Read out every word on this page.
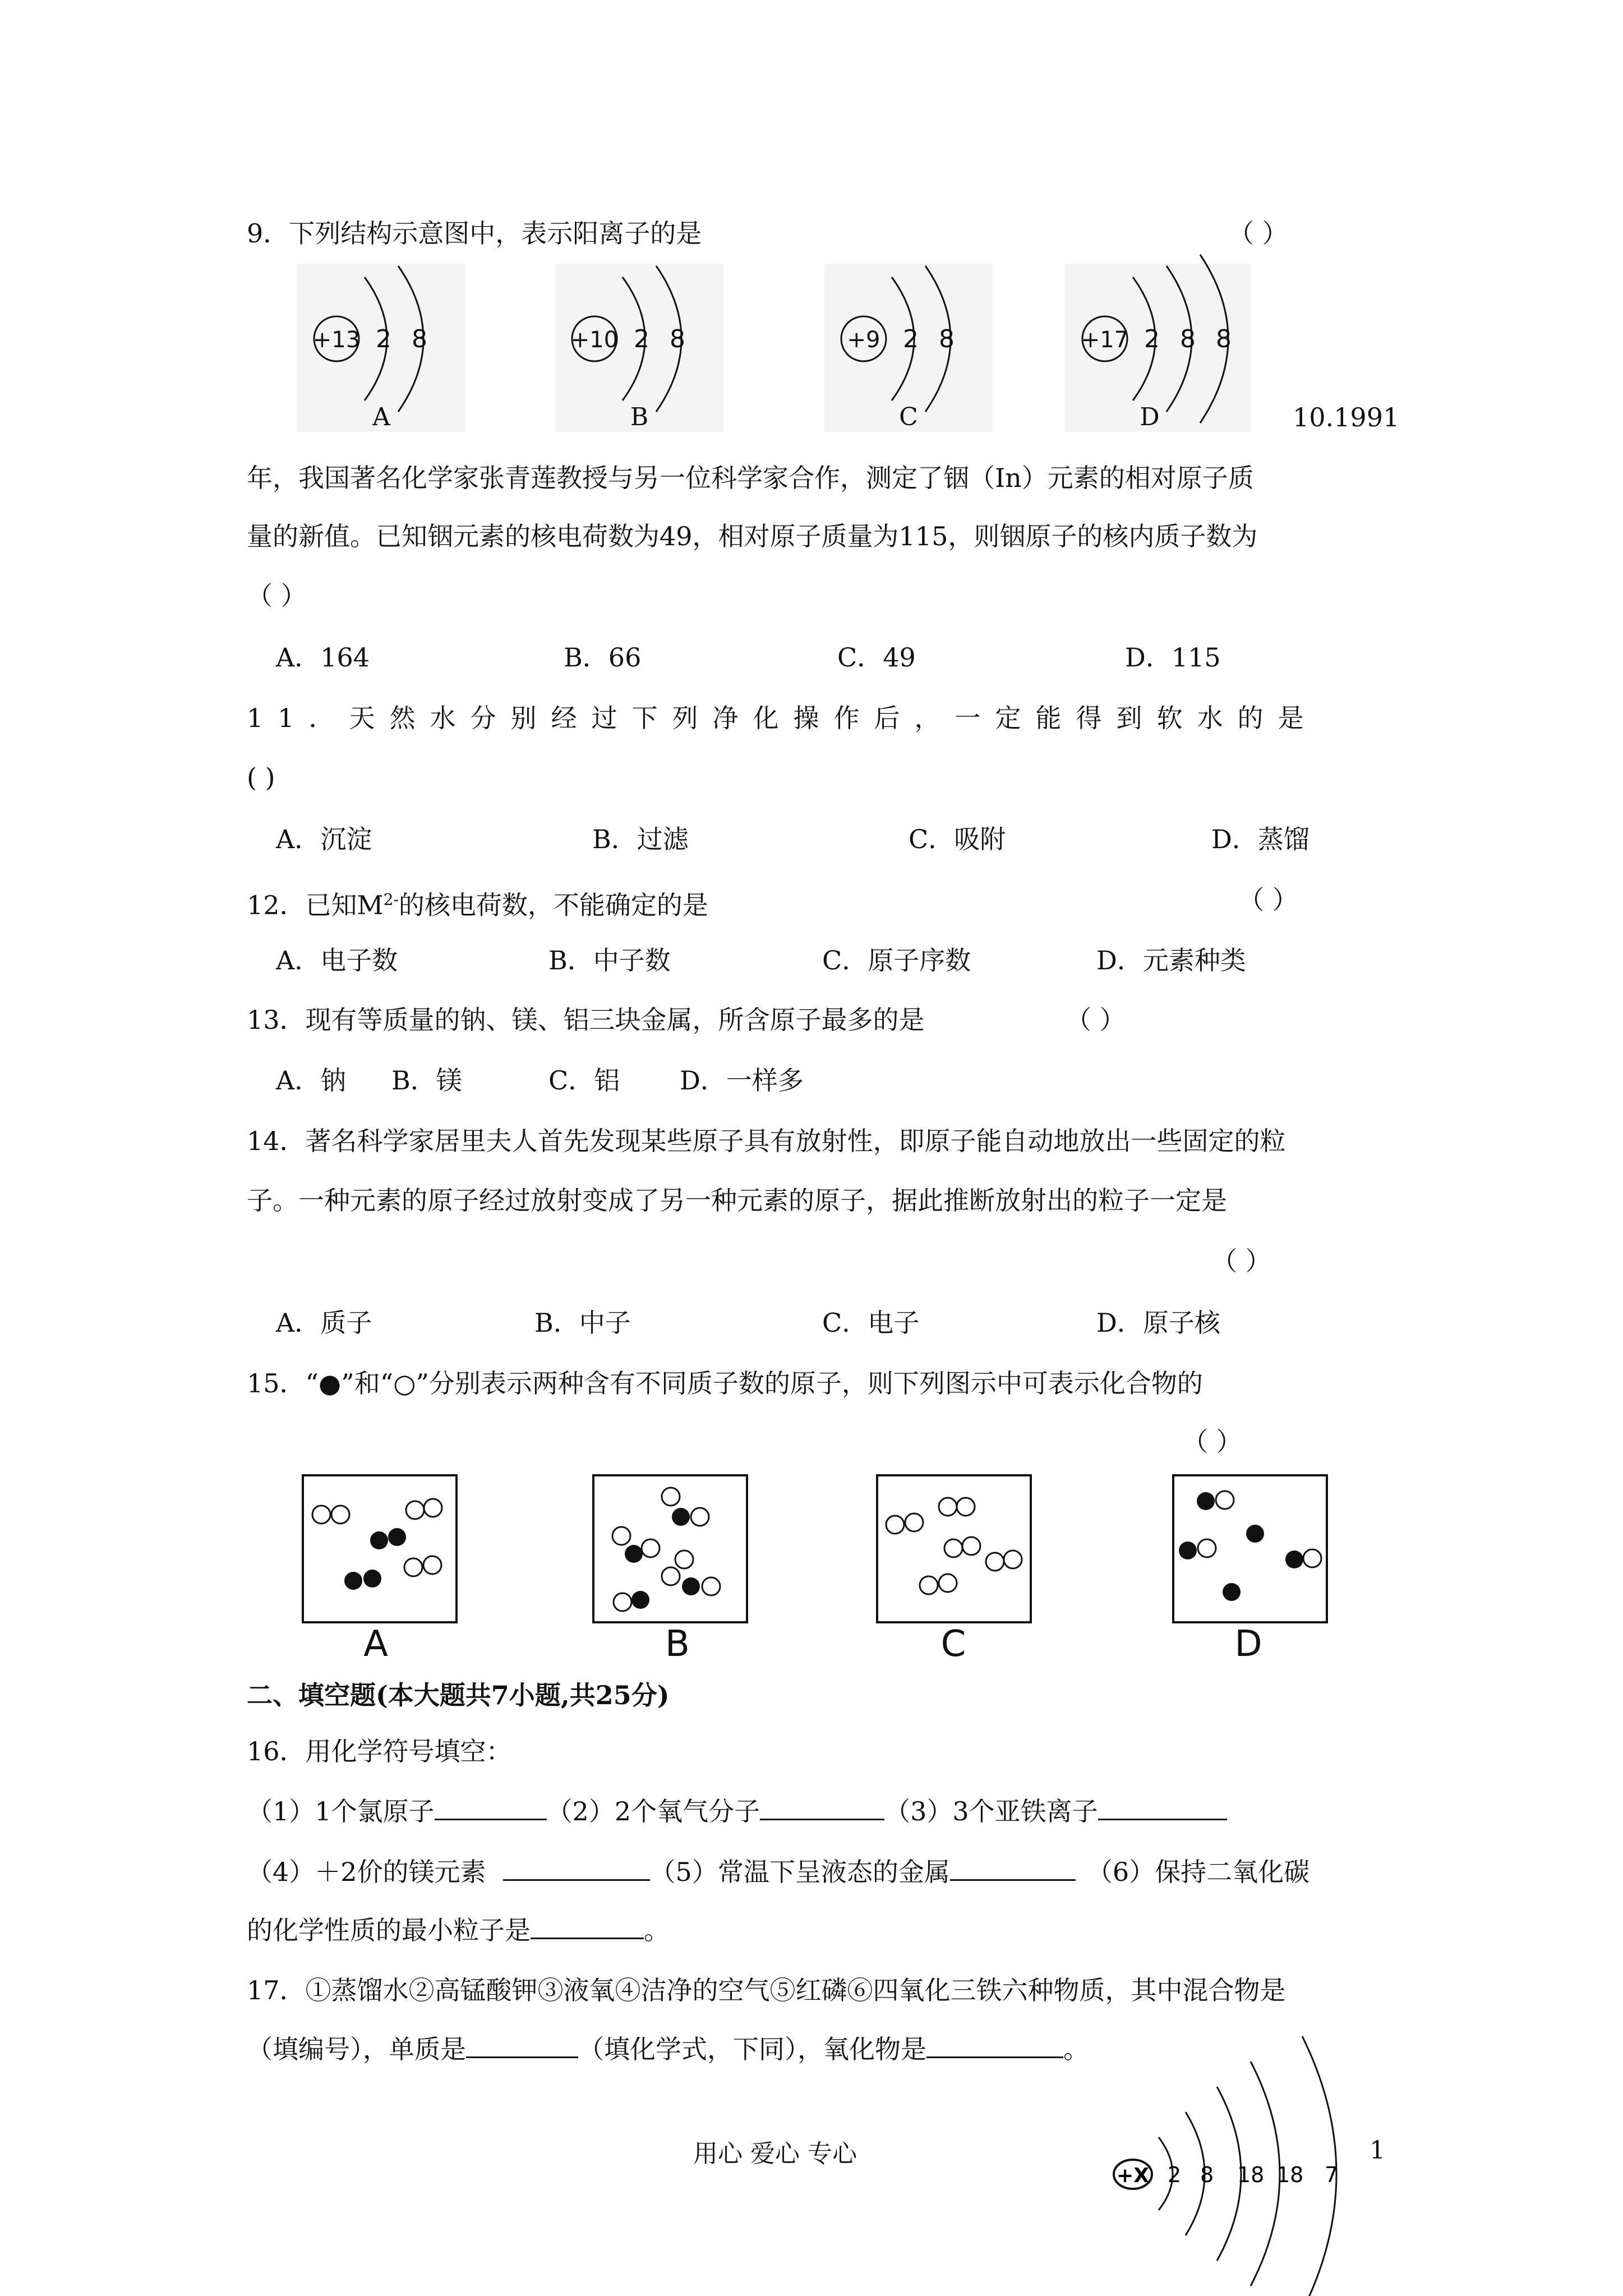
9．下列结构示意图中，表示阳离子的是	（ ）
+13 2 8
A
+10 2 8
B
+9 2 8
C
+17 2 8 8
D	10.1991
年，我国著名化学家张青莲教授与另一位科学家合作，测定了铟（In）元素的相对原子质
量的新值。已知铟元素的核电荷数为49，相对原子质量为115，则铟原子的核内质子数为
（ ）
A．164	B．66	C．49	D．115
11．天然水分别经过下列净化操作后，一定能得到软水的是
( )
A．沉淀	B．过滤	C．吸附	D．蒸馏
12．已知$M^{2-}$的核电荷数，不能确定的是	（ ）
A．电子数	B．中子数	C．原子序数	D．元素种类
13．现有等质量的钠、镁、铝三块金属，所含原子最多的是	（ ）
A．钠 B．镁	C．铝 D．一样多
14．著名科学家居里夫人首先发现某些原子具有放射性，即原子能自动地放出一些固定的粒
子。一种元素的原子经过放射变成了另一种元素的原子，据此推断放射出的粒子一定是
（ ）
A．质子	B．中子	C．电子	D．原子核
15．“●”和“○”分别表示两种含有不同质子数的原子，则下列图示中可表示化合物的
（ ）
A	B	C	D
二、填空题(本大题共7小题,共25分)
16．用化学符号填空：
（1）1个氯原子	（2）2个氧气分子	（3）3个亚铁离子
（4）＋2价的镁元素	（5）常温下呈液态的金属	（6）保持二氧化碳
的化学性质的最小粒子是	。
17．①蒸馏水②高锰酸钾③液氧④洁净的空气⑤红磷⑥四氧化三铁六种物质，其中混合物是
（填编号），单质是	（填化学式，下同），氧化物是	。
用心 爱心 专心	1
+X 2 8 18 18 7
